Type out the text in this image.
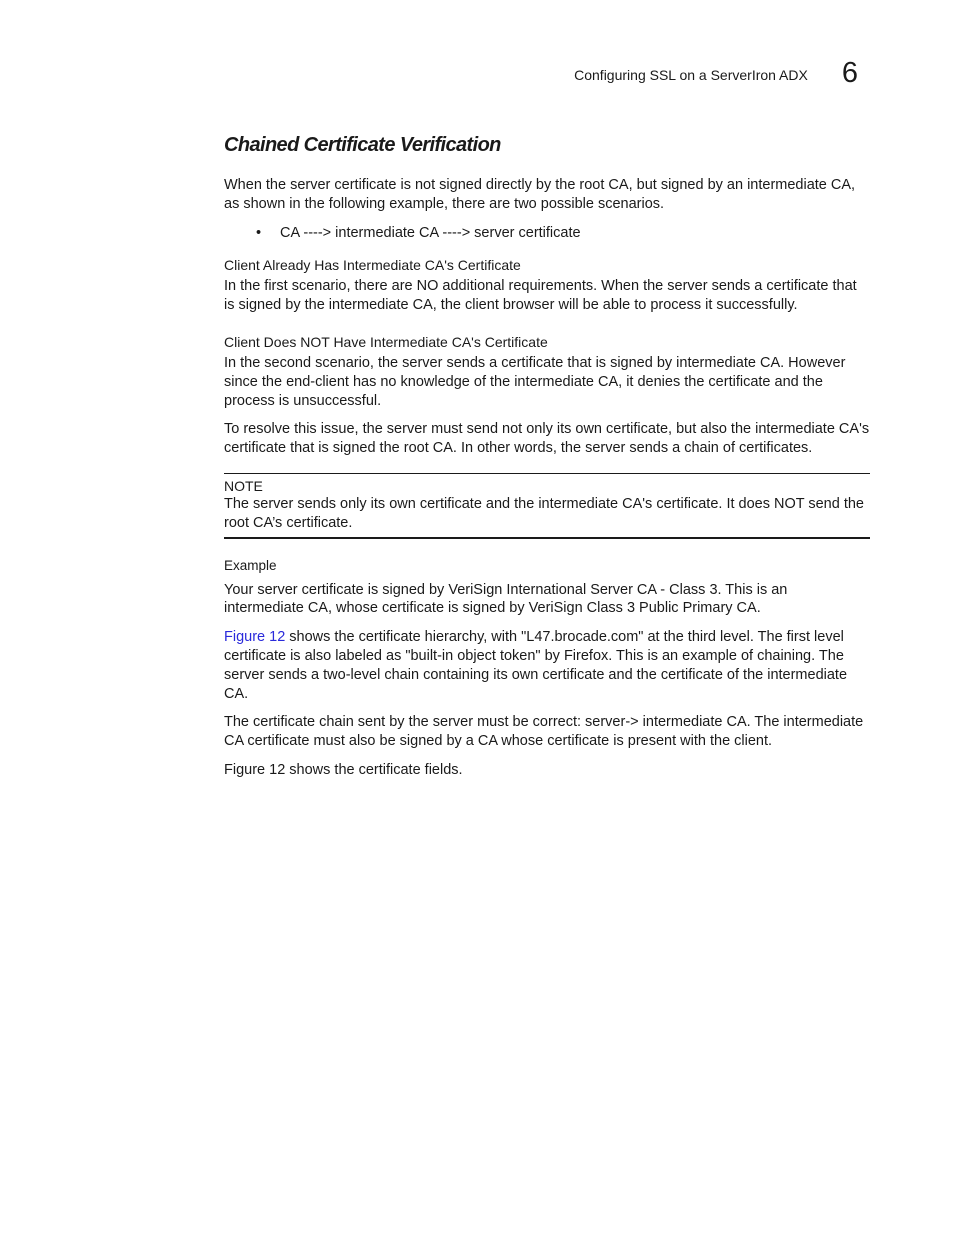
Configuring SSL on a ServerIron ADX 6
Chained Certificate Verification

When the server certificate is not signed directly by the root CA, but signed by an intermediate CA, as shown in the following example, there are two possible scenarios.

• CA ----> intermediate CA ----> server certificate
Client Already Has Intermediate CA's Certificate

In the first scenario, there are NO additional requirements. When the server sends a certificate that is signed by the intermediate CA, the client browser will be able to process it successfully.

Client Does NOT Have Intermediate CA's Certificate

In the second scenario, the server sends a certificate that is signed by intermediate CA. However since the end-client has no knowledge of the intermediate CA, it denies the certificate and the process is unsuccessful.

To resolve this issue, the server must send not only its own certificate, but also the intermediate CA's certificate that is signed the root CA. In other words, the server sends a chain of certificates.

NOTE

The server sends only its own certificate and the intermediate CA's certificate. It does NOT send the root CA’s certificate.

Example

Your server certificate is signed by VeriSign International Server CA - Class 3. This is an intermediate CA, whose certificate is signed by VeriSign Class 3 Public Primary CA.

Figure 12 shows the certificate hierarchy, with "L47.brocade.com" at the third level. The first level certificate is also labeled as "built-in object token" by Firefox. This is an example of chaining. The server sends a two-level chain containing its own certificate and the certificate of the intermediate CA.

The certificate chain sent by the server must be correct: server-> intermediate CA. The intermediate CA certificate must also be signed by a CA whose certificate is present with the client.

Figure 12 shows the certificate fields.
